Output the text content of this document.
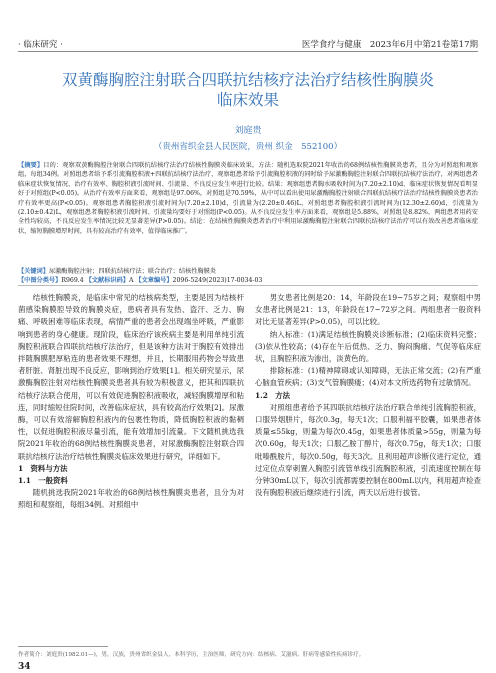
· 临床研究 ·	医学食疗与健康　2023年6月中第21卷第17期
双黄酶胸腔注射联合四联抗结核疗法治疗结核性胸膜炎
临床效果
刘庭贵
（贵州省织金县人民医院，贵州 织金　552100）
【摘要】目的：观察双黄酶胸腔注射联合四联抗结核疗法治疗结核性胸膜炎临床效果。方法：随机选取院2021年收治的68例结核性胸膜炎患者，且分为对照组和观察组，每组34例。对照组患者给予系引流胸腔积液+四联抗结核疗法治疗，观察组患者给予引流胸腔积液的同时给予尿激酶胸腔注射联合四联抗结核疗法治疗，对两组患者临床症状恢复情况、治疗有效率、胸腔积液引流时间、引流量、不良反应发生率进行比较。结果：观察组患者胸水吸收时间为(7.20±2.10)d、临床症状恢复情况看明显好于对照组(P<0.05)。从治疗有效率方面来看，观察组是97.06%，对照组是70.59%，从中可以看出使用尿激酶胸腔注射联合四联抗结核疗法治疗结核性胸膜炎患者治疗有效率更高(P<0.05)。观察组患者胸腔积液引流时间为(7.20±2.10)d，引流量为(2.20±0.46)L，对照组患者胸腔积液引流时间为(12.30±2.60)d，引流量为(2.10±0.42)L，观察组患者胸腔积液引流时间、引流量均要好于对照组(P<0.05)。从不良反应发生率方面来看，观察组是5.88%，对照组是8.82%，两组患者用药安全性均较高，不良反应发生率情况比较无显著差异(P>0.05)。结论：在结核性胸膜炎患者治疗中利用尿激酶胸腔注射联合四联抗结核疗法治疗可以有效改善患者临床症状，缩短胸膜增厚时间，具有较高治疗有效率，值得临床推广。
【关键词】尿激酶胸腔注射；四联抗结核疗法；联合治疗；结核性胸膜炎
【中图分类号】R969.4 【文献标识码】A 【文章编号】2096-5249(2023)17-0034-03

结核性胸膜炎，是临床中常见的结核病类型，主要是因为结核杆菌感染胸膜腔导致的胸膜炎症，患病者具有发热、盗汗、乏力、胸痛、呼吸困难等临床表现，病情严重的患者会出现端坐呼吸，严重影响到患者的身心健康。现阶段，临床治疗该疾病主要是利用单纯引流胸腔积液联合四联抗结核疗法治疗，但是该种方法对于胸腔有效排出拌随胸膜肥厚粘连的患者效果不理想，并且，长期服用药物会导致患者肝脏、肾脏出现不良反应，影响到治疗效果[1]。相关研究显示，尿激酶胸腔注射对结核性胸膜炎患者具有较为积极意义，把其和四联抗结核疗法联合使用，可以有效促进胸腔积液吸收，减轻胸膜增厚和粘连，同时缩短住院时间，改善临床症状，具有较高治疗效果[2]。尿激酶，可以有效溶解胸腔积液内的包裹性物质，降低胸腔积液的黏稠性，以促进胸腔积液尽量引流，能有效增加引流量。下文随机挑选我院2021年收治的68例结核性胸膜炎患者，对尿激酶胸腔注射联合四联抗结核疗法治疗结核性胸膜炎临床效果进行研究，详细如下。

1　资料与方法

1.1　一般资料

随机挑选我院2021年收治的68例结核性胸膜炎患者，且分为对照组和观察组，每组34例。对照组中

男女患者比例是20：14，年龄段在19~75岁之间；观察组中男女患者比例是21：13，年龄段在17~72岁之间。两组患者一般资料对比无显著差异(P>0.05)，可以比较。

纳入标准：(1)满足结核性胸膜炎诊断标准；(2)临床资料完整；(3)依从性较高；(4)存在午后低热、乏力、胸闷胸痛、气促等临床症状，且胸腔积液为渗出，淡黄色的。

排除标准：(1)精神障碍或认知障碍，无法正常交流；(2)有严重心脑血管疾病；(3)支气管胸膜瘘；(4)对本文所选药物有过敏情况。

1.2　方法

对照组患者给予其四联抗结核疗法治疗联合单纯引流胸腔积液，口服异烟肼片，每次0.3g，每天1次；口服利福平胶囊，如果患者体质量≤55kg，则量为每次0.45g，如果患者体质量>55g，则量为每次0.60g，每天1次；口服乙胺丁醇片，每次0.75g，每天1次；口服吡嗪酰胺片，每次0.50g，每天3次。且利用超声诊断仪进行定位，通过定位点穿刺置入胸腔引流管单线引流胸腔积液，引流速度控制在每分钟30mL以下，每次引流都需要控制在800mL以内，利用超声检查没有胸腔积液后继续进行引流，两天以后进行拔管。

作者简介：刘庭贵(1982.01—)，男，汉族，贵州省织金县人，本科学历，主治医师，研究方向：结核病、艾滋病、肝病等感染性疾病诊疗。
34
